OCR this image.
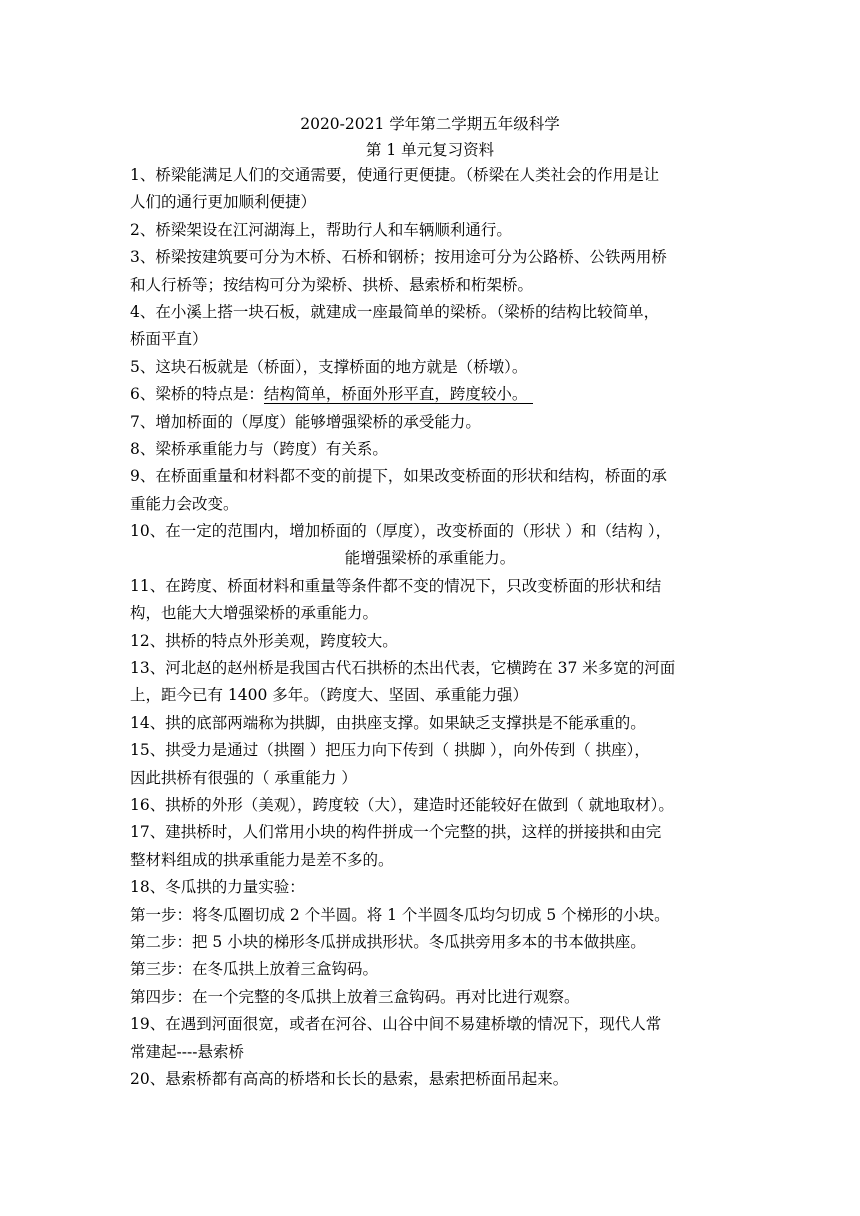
2020-2021 学年第二学期五年级科学
第 1 单元复习资料
1、桥梁能满足人们的交通需要，使通行更便捷。（桥梁在人类社会的作用是让
人们的通行更加顺利便捷）
2、桥梁架设在江河湖海上，帮助行人和车辆顺利通行。
3、桥梁按建筑要可分为木桥、石桥和钢桥；按用途可分为公路桥、公铁两用桥
和人行桥等；按结构可分为梁桥、拱桥、悬索桥和桁架桥。
4、在小溪上搭一块石板，就建成一座最简单的梁桥。（梁桥的结构比较简单，
桥面平直）
5、这块石板就是（桥面），支撑桥面的地方就是（桥墩）。
6、梁桥的特点是：结构简单，桥面外形平直，跨度较小。
7、增加桥面的（厚度）能够增强梁桥的承受能力。
8、梁桥承重能力与（跨度）有关系。
9、在桥面重量和材料都不变的前提下，如果改变桥面的形状和结构，桥面的承
重能力会改变。
10、在一定的范围内，增加桥面的（厚度），改变桥面的（形状 ）和（结构 ），
能增强梁桥的承重能力。
11、在跨度、桥面材料和重量等条件都不变的情况下，只改变桥面的形状和结
构，也能大大增强梁桥的承重能力。
12、拱桥的特点外形美观，跨度较大。
13、河北赵的赵州桥是我国古代石拱桥的杰出代表，它横跨在 37 米多宽的河面
上，距今已有 1400 多年。（跨度大、坚固、承重能力强）
14、拱的底部两端称为拱脚，由拱座支撑。如果缺乏支撑拱是不能承重的。
15、拱受力是通过（拱圈 ）把压力向下传到（ 拱脚 ），向外传到（ 拱座），
因此拱桥有很强的（ 承重能力 ）
16、拱桥的外形（美观），跨度较（大），建造时还能较好在做到（ 就地取材）。
17、建拱桥时，人们常用小块的构件拼成一个完整的拱，这样的拼接拱和由完
整材料组成的拱承重能力是差不多的。
18、冬瓜拱的力量实验：
第一步：将冬瓜圈切成 2 个半圆。将 1 个半圆冬瓜均匀切成 5 个梯形的小块。
第二步：把 5 小块的梯形冬瓜拼成拱形状。冬瓜拱旁用多本的书本做拱座。
第三步：在冬瓜拱上放着三盒钩码。
第四步：在一个完整的冬瓜拱上放着三盒钩码。再对比进行观察。
19、在遇到河面很宽，或者在河谷、山谷中间不易建桥墩的情况下，现代人常
常建起----悬索桥
20、悬索桥都有高高的桥塔和长长的悬索，悬索把桥面吊起来。
